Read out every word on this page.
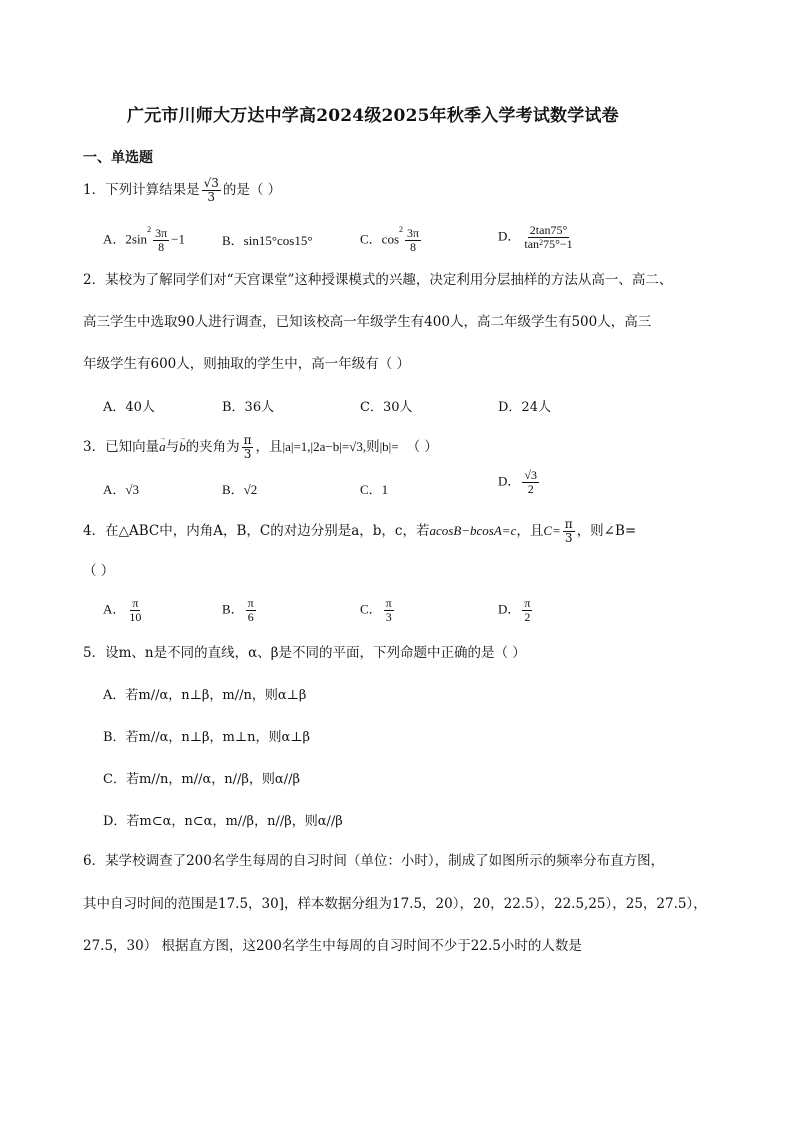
广元市川师大万达中学高2024级2025年秋季入学考试数学试卷
一、单选题
1．下列计算结果是 $\frac{√3}{3}$ 的是（ ）
A．$2\sin^2 \frac{3\pi}{8} -1$	B．sin15°cos15°	C．$\cos^2 \frac{3\pi}{8}$	D． $\frac{2\tan 75^\circ}{\tan^275^\circ-1}$
2．某校为了解同学们对“天宫课堂”这种授课模式的兴趣，决定利用分层抽样的方法从高一、高二、
高三学生中选取90人进行调查，已知该校高一年级学生有400人，高二年级学生有500人，高三
年级学生有600人，则抽取的学生中，高一年级有（ ）
A．40人	B．36人	C．30人	D．24人
3．已知向量→ a与→ b的夹角为 $\frac{\pi}{3}$ ，且|a|=1,|2a−b|=√3,则|b|= （ ）
A．√3	B．√2	C．1
D． $\frac{√3}{2}$
4．在△ABC中，内角A，B，C的对边分别是a，b，c，若acosB−bcosA=c，且$C= \frac{\pi}{3}$ ，则∠B=
（ ）
A． $\frac{\pi}{10}$	B． $\frac{\pi}{6}$	C． $\frac{\pi}{3}$	D． $\frac{\pi}{2}$
5．设m、n是不同的直线，α、β是不同的平面，下列命题中正确的是（ ）
A．若m//α，n⊥β，m//n，则α⊥β
B．若m//α，n⊥β，m⊥n，则α⊥β
C．若m//n，m//α，n//β，则α//β
D．若m⊂α，n⊂α，m//β，n//β，则α//β
6．某学校调查了200名学生每周的自习时间（单位：小时），制成了如图所示的频率分布直方图，
其中自习时间的范围是17.5，30]，样本数据分组为17.5，20），20，22.5），22.5,25），25，27.5），
27.5，30） 根据直方图，这200名学生中每周的自习时间不少于22.5小时的人数是
